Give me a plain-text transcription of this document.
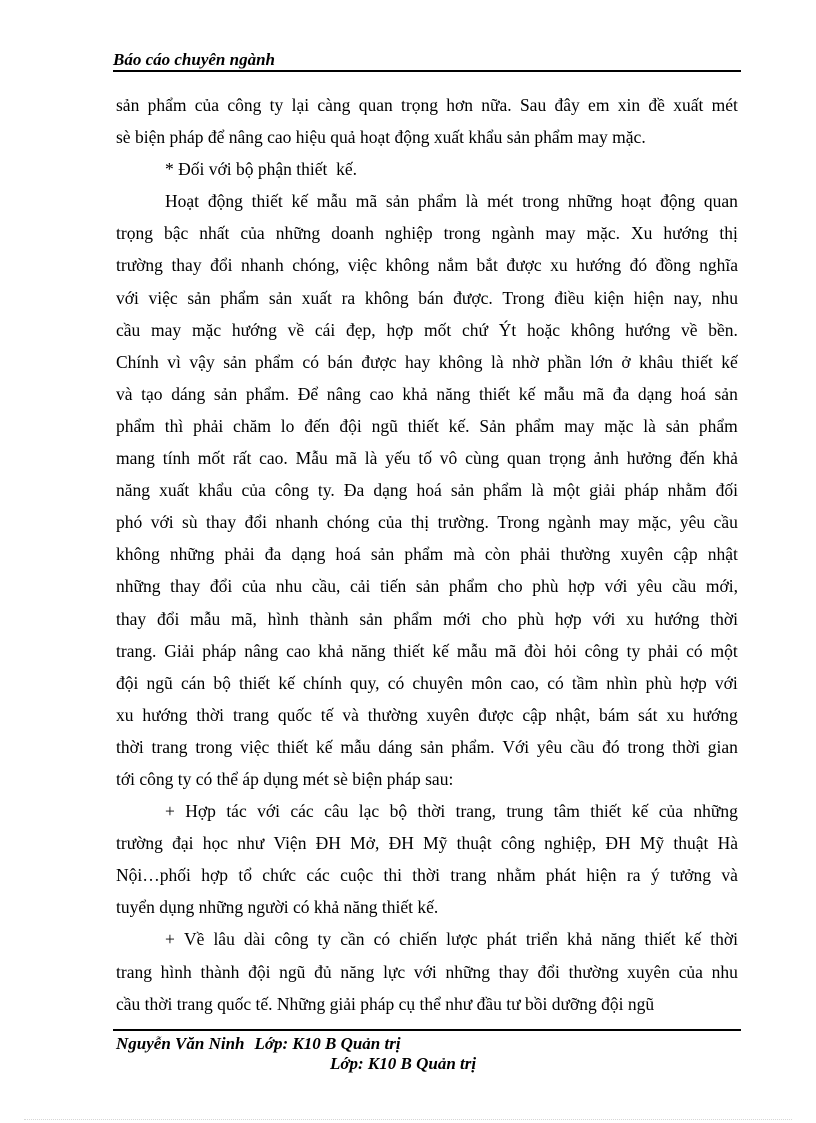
Báo cáo chuyên ngành
sản phẩm của công ty lại càng quan trọng hơn nữa. Sau đây em xin đề xuất mét
sè biện pháp để nâng cao hiệu quả hoạt động xuất khẩu sản phẩm may mặc.
* Đối với bộ phận thiết  kế.
Hoạt động thiết kế mẫu mã sản phẩm là mét trong những hoạt động quan
trọng bậc nhất của những doanh nghiệp trong ngành may mặc. Xu hướng thị
trường thay đổi nhanh chóng, việc không nắm bắt được xu hướng đó đồng nghĩa
với việc sản phẩm sản xuất ra không bán được. Trong điều kiện hiện nay, nhu
cầu may mặc hướng về cái đẹp, hợp mốt chứ Ýt hoặc không hướng về bền.
Chính vì vậy sản phẩm có bán được hay không là nhờ phần lớn ở khâu thiết kế
và tạo dáng sản phẩm. Để nâng cao khả năng thiết kế mẫu mã đa dạng hoá sản
phẩm thì phải chăm lo đến đội ngũ thiết kế. Sản phẩm may mặc là sản phẩm
mang tính mốt rất cao. Mẫu mã là yếu tố vô cùng quan trọng ảnh hưởng đến khả
năng xuất khẩu của công ty. Đa dạng hoá sản phẩm là một giải pháp nhằm đối
phó với sù thay đổi nhanh chóng của thị trường. Trong ngành may mặc, yêu cầu
không những phải đa dạng hoá sản phẩm mà còn phải thường xuyên cập nhật
những thay đổi của nhu cầu, cải tiến sản phẩm cho phù hợp với yêu cầu mới,
thay đổi mẫu mã, hình thành sản phẩm mới cho phù hợp với xu hướng thời
trang. Giải pháp nâng cao khả năng thiết kế mẫu mã đòi hỏi công ty phải có một
đội ngũ cán bộ thiết kế chính quy, có chuyên môn cao, có tầm nhìn phù hợp với
xu hướng thời trang quốc tế và thường xuyên được cập nhật, bám sát xu hướng
thời trang trong việc thiết kế mẫu dáng sản phẩm. Với yêu cầu đó trong thời gian
tới công ty có thể áp dụng mét sè biện pháp sau:
+ Hợp tác với các câu lạc bộ thời trang, trung tâm thiết kế của những
trường đại học như Viện ĐH Mở, ĐH Mỹ thuật công nghiệp, ĐH Mỹ thuật Hà
Nội…phối hợp tổ chức các cuộc thi thời trang nhằm phát hiện ra ý tưởng và
tuyển dụng những người có khả năng thiết kế.
+ Về lâu dài công ty cần có chiến lược phát triển khả năng thiết kế thời
trang hình thành đội ngũ đủ năng lực với những thay đổi thường xuyên của nhu
cầu thời trang quốc tế. Những giải pháp cụ thể như đầu tư bồi dưỡng đội ngũ
Nguyễn Văn Ninh Lớp: K10 B Quản trị
Lớp: K10 B Quản trị
